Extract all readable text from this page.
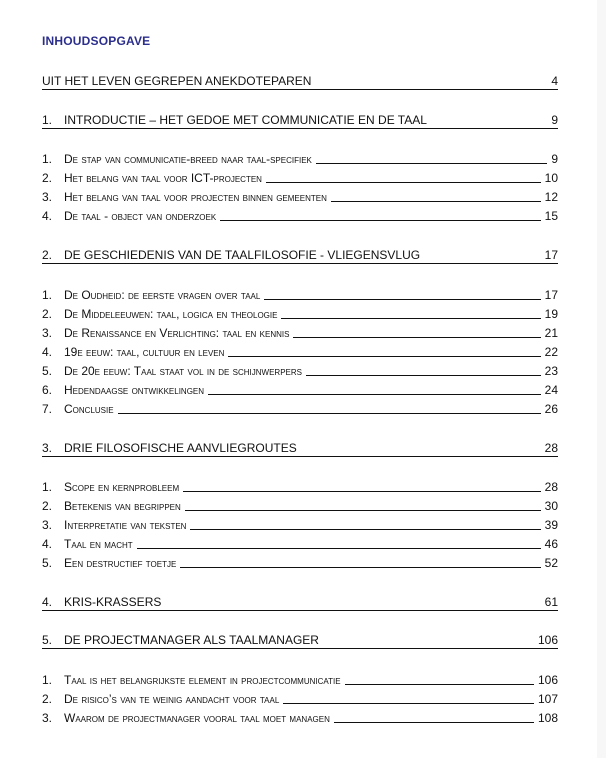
INHOUDSOPGAVE
UIT HET LEVEN GEGREPEN ANEKDOTEPAREN	4
1. INTRODUCTIE – HET GEDOE MET COMMUNICATIE EN DE TAAL	9
1. De stap van communicatie-breed naar taal-specifiek	9
2. Het belang van taal voor ICT-projecten	10
3. Het belang van taal voor projecten binnen gemeenten	12
4. De taal - object van onderzoek	15
2. DE GESCHIEDENIS VAN DE TAALFILOSOFIE - VLIEGENSVLUG	17
1. De Oudheid: de eerste vragen over taal	17
2. De Middeleeuwen: taal, logica en theologie	19
3. De Renaissance en Verlichting: taal en kennis	21
4. 19e eeuw: taal, cultuur en leven	22
5. De 20e eeuw: Taal staat vol in de schijnwerpers	23
6. Hedendaagse ontwikkelingen	24
7. Conclusie	26
3. DRIE FILOSOFISCHE AANVLIEGROUTES	28
1. Scope en kernprobleem	28
2. Betekenis van begrippen	30
3. Interpretatie van teksten	39
4. Taal en macht	46
5. Een destructief toetje	52
4. KRIS-KRASSERS	61
5. DE PROJECTMANAGER ALS TAALMANAGER	106
1. Taal is het belangrijkste element in projectcommunicatie	106
2. De risico’s van te weinig aandacht voor taal	107
3. Waarom de projectmanager vooral taal moet managen	108
